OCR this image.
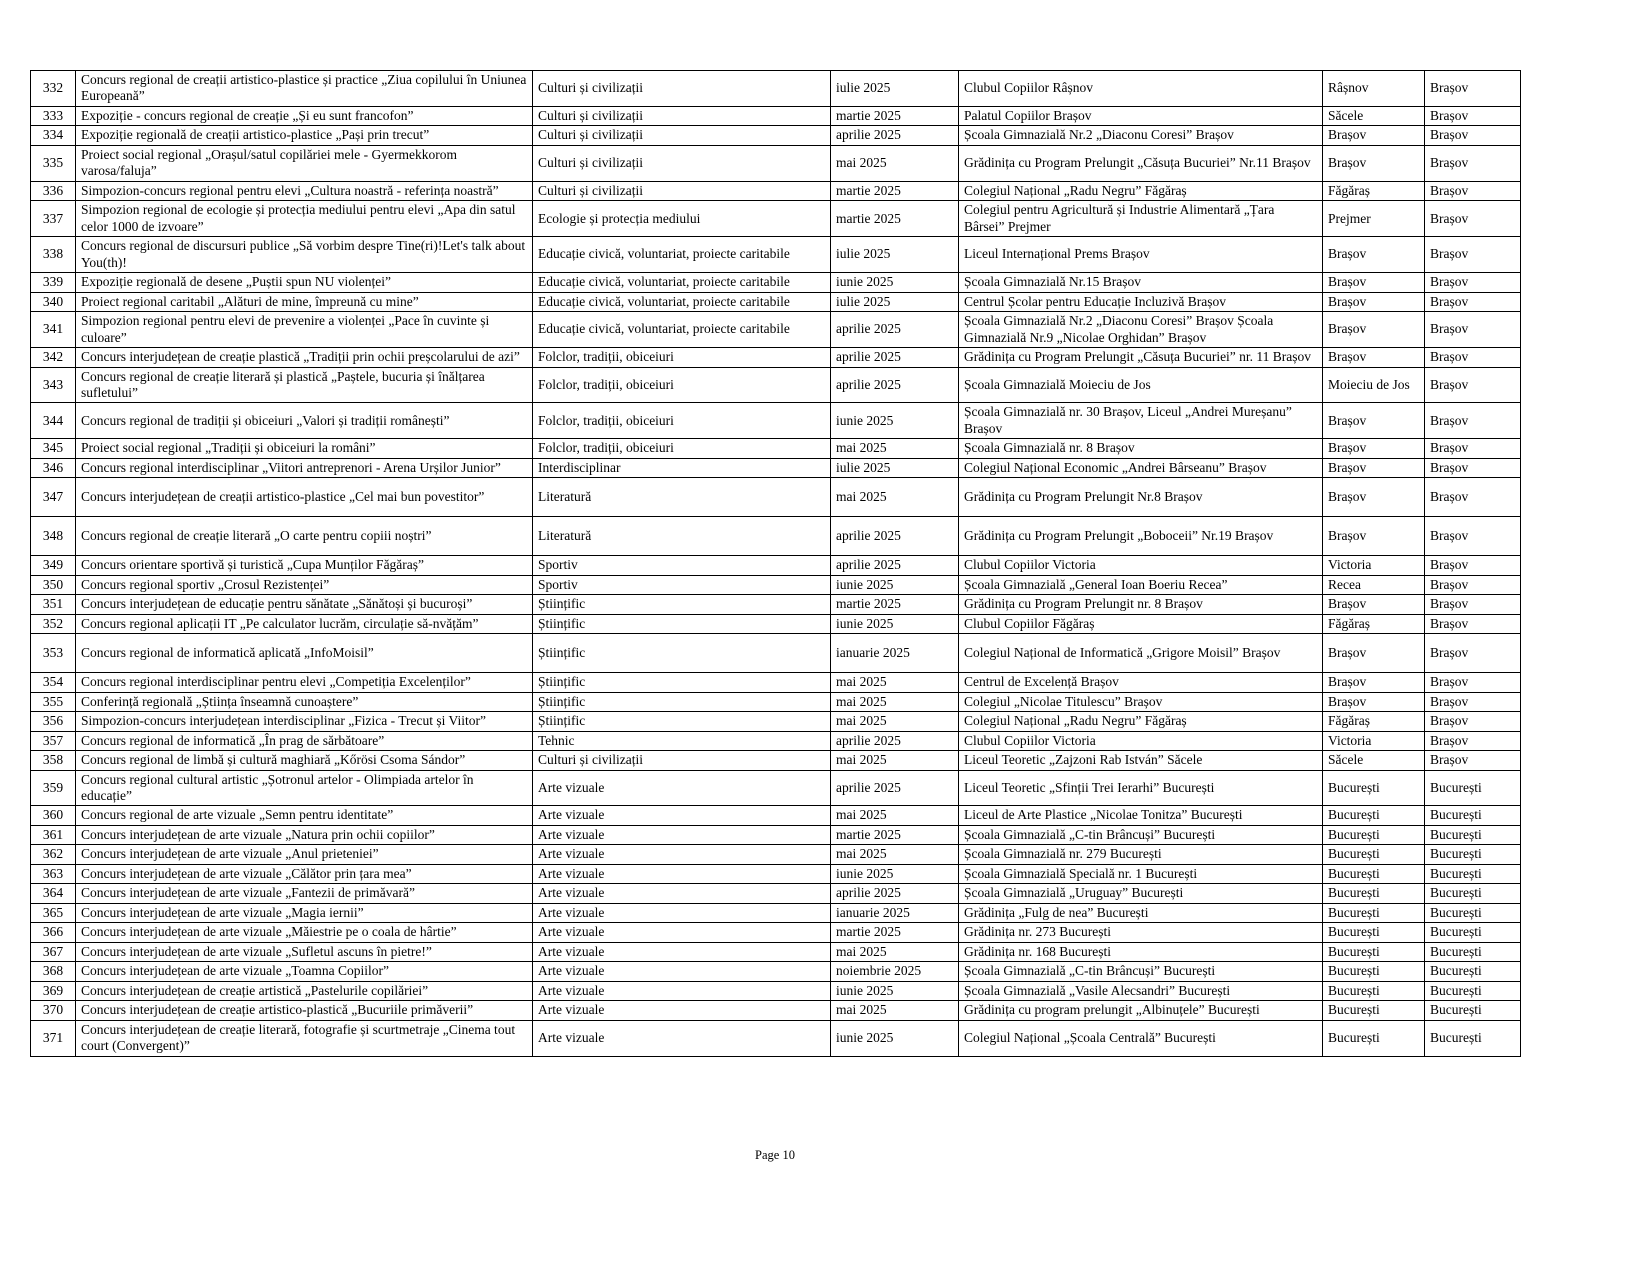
332	Concurs regional de creații artistico-plastice și practice „Ziua copilului în Uniunea Europeană”	Culturi și civilizații	iulie 2025	Clubul Copiilor Râșnov	Râșnov	Brașov
333	Expoziție - concurs regional de creație „Și eu sunt francofon”	Culturi și civilizații	martie 2025	Palatul Copiilor Brașov	Săcele	Brașov
334	Expoziție regională de creații artistico-plastice „Pași prin trecut”	Culturi și civilizații	aprilie 2025	Școala Gimnazială Nr.2 „Diaconu Coresi” Brașov	Brașov	Brașov
335	Proiect social regional „Orașul/satul copilăriei mele - Gyermekkorom varosa/faluja”	Culturi și civilizații	mai 2025	Grădinița cu Program Prelungit „Căsuța Bucuriei” Nr.11 Brașov	Brașov	Brașov
336	Simpozion-concurs regional pentru elevi „Cultura noastră - referința noastră”	Culturi și civilizații	martie 2025	Colegiul Național „Radu Negru” Făgăraș	Făgăraș	Brașov
337	Simpozion regional de ecologie și protecția mediului pentru elevi „Apa din satul celor 1000 de izvoare”	Ecologie și protecția mediului	martie 2025	Colegiul pentru Agricultură și Industrie Alimentară „Țara Bârsei” Prejmer	Prejmer	Brașov
338	Concurs regional de discursuri publice „Să vorbim despre Tine(ri)!Let's talk about You(th)!	Educație civică, voluntariat, proiecte caritabile	iulie 2025	Liceul Internațional Prems Brașov	Brașov	Brașov
339	Expoziție regională de desene „Puștii spun NU violenței”	Educație civică, voluntariat, proiecte caritabile	iunie 2025	Școala Gimnazială Nr.15 Brașov	Brașov	Brașov
340	Proiect regional caritabil „Alături de mine, împreună cu mine”	Educație civică, voluntariat, proiecte caritabile	iulie 2025	Centrul Școlar pentru Educație Incluzivă Brașov	Brașov	Brașov
341	Simpozion regional pentru elevi de prevenire a violenței „Pace în cuvinte și culoare”	Educație civică, voluntariat, proiecte caritabile	aprilie 2025	Școala Gimnazială Nr.2 „Diaconu Coresi” Brașov Școala Gimnazială Nr.9 „Nicolae Orghidan” Brașov	Brașov	Brașov
342	Concurs interjudețean de creație plastică „Tradiții prin ochii preșcolarului de azi”	Folclor, tradiții, obiceiuri	aprilie 2025	Grădinița cu Program Prelungit „Căsuța Bucuriei” nr. 11 Brașov	Brașov	Brașov
343	Concurs regional de creație literară și plastică „Paștele, bucuria și înălțarea sufletului”	Folclor, tradiții, obiceiuri	aprilie 2025	Școala Gimnazială Moieciu de Jos	Moieciu de Jos	Brașov
344	Concurs regional de tradiții și obiceiuri „Valori și tradiții românești”	Folclor, tradiții, obiceiuri	iunie 2025	Școala Gimnazială nr. 30 Brașov, Liceul „Andrei Mureșanu” Brașov	Brașov	Brașov
345	Proiect social regional „Tradiții și obiceiuri la români”	Folclor, tradiții, obiceiuri	mai 2025	Școala Gimnazială nr. 8 Brașov	Brașov	Brașov
346	Concurs regional interdisciplinar „Viitori antreprenori - Arena Urșilor Junior”	Interdisciplinar	iulie 2025	Colegiul Național Economic „Andrei Bârseanu” Brașov	Brașov	Brașov
347	Concurs interjudețean de creații artistico-plastice „Cel mai bun povestitor”	Literatură	mai 2025	Grădinița cu Program Prelungit Nr.8 Brașov	Brașov	Brașov
348	Concurs regional de creație literară „O carte pentru copiii noștri”	Literatură	aprilie 2025	Grădinița cu Program Prelungit „Boboceii” Nr.19 Brașov	Brașov	Brașov
349	Concurs orientare sportivă și turistică „Cupa Munților Făgăraș”	Sportiv	aprilie 2025	Clubul Copiilor Victoria	Victoria	Brașov
350	Concurs regional sportiv „Crosul Rezistenței”	Sportiv	iunie 2025	Școala Gimnazială „General Ioan Boeriu Recea”	Recea	Brașov
351	Concurs interjudețean de educație pentru sănătate „Sănătoși și bucuroși”	Științific	martie 2025	Grădinița cu Program Prelungit nr. 8 Brașov	Brașov	Brașov
352	Concurs regional aplicații IT „Pe calculator lucrăm, circulație să-nvățăm”	Științific	iunie 2025	Clubul Copiilor Făgăraș	Făgăraș	Brașov
353	Concurs regional de informatică aplicată „InfoMoisil”	Științific	ianuarie 2025	Colegiul Național de Informatică „Grigore Moisil” Brașov	Brașov	Brașov
354	Concurs regional interdisciplinar pentru elevi „Competiția Excelenților”	Științific	mai 2025	Centrul de Excelență Brașov	Brașov	Brașov
355	Conferință regională „Știința înseamnă cunoaștere”	Științific	mai 2025	Colegiul „Nicolae Titulescu” Brașov	Brașov	Brașov
356	Simpozion-concurs interjudețean interdisciplinar „Fizica - Trecut și Viitor”	Științific	mai 2025	Colegiul Național „Radu Negru” Făgăraș	Făgăraș	Brașov
357	Concurs regional de informatică „În prag de sărbătoare”	Tehnic	aprilie 2025	Clubul Copiilor Victoria	Victoria	Brașov
358	Concurs regional de limbă și cultură maghiară „Kőrösi Csoma Sándor”	Culturi și civilizații	mai 2025	Liceul Teoretic „Zajzoni Rab István” Săcele	Săcele	Brașov
359	Concurs regional cultural artistic „Șotronul artelor - Olimpiada artelor în educație”	Arte vizuale	aprilie 2025	Liceul Teoretic „Sfinții Trei Ierarhi” București	București	București
360	Concurs regional de arte vizuale „Semn pentru identitate”	Arte vizuale	mai 2025	Liceul de Arte Plastice „Nicolae Tonitza” București	București	București
361	Concurs interjudețean de arte vizuale „Natura prin ochii copiilor”	Arte vizuale	martie 2025	Școala Gimnazială „C-tin Brâncuși” București	București	București
362	Concurs interjudețean de arte vizuale „Anul prieteniei”	Arte vizuale	mai 2025	Școala Gimnazială nr. 279 București	București	București
363	Concurs interjudețean de arte vizuale „Călător prin țara mea”	Arte vizuale	iunie 2025	Școala Gimnazială Specială nr. 1 București	București	București
364	Concurs interjudețean de arte vizuale „Fantezii de primăvară”	Arte vizuale	aprilie 2025	Școala Gimnazială „Uruguay” București	București	București
365	Concurs interjudețean de arte vizuale „Magia iernii”	Arte vizuale	ianuarie 2025	Grădinița „Fulg de nea” București	București	București
366	Concurs interjudețean de arte vizuale „Măiestrie pe o coala de hârtie”	Arte vizuale	martie 2025	Grădinița nr. 273 București	București	București
367	Concurs interjudețean de arte vizuale „Sufletul ascuns în pietre!”	Arte vizuale	mai 2025	Grădinița nr. 168 București	București	București
368	Concurs interjudețean de arte vizuale „Toamna Copiilor”	Arte vizuale	noiembrie 2025	Școala Gimnazială „C-tin Brâncuși” București	București	București
369	Concurs interjudețean de creație artistică „Pastelurile copilăriei”	Arte vizuale	iunie 2025	Școala Gimnazială „Vasile Alecsandri” București	București	București
370	Concurs interjudețean de creație artistico-plastică „Bucuriile primăverii”	Arte vizuale	mai 2025	Grădinița cu program prelungit „Albinuțele” București	București	București
371	Concurs interjudețean de creație literară, fotografie și scurtmetraje „Cinema tout court (Convergent)”	Arte vizuale	iunie 2025	Colegiul Național „Școala Centrală” București	București	București
Page 10
